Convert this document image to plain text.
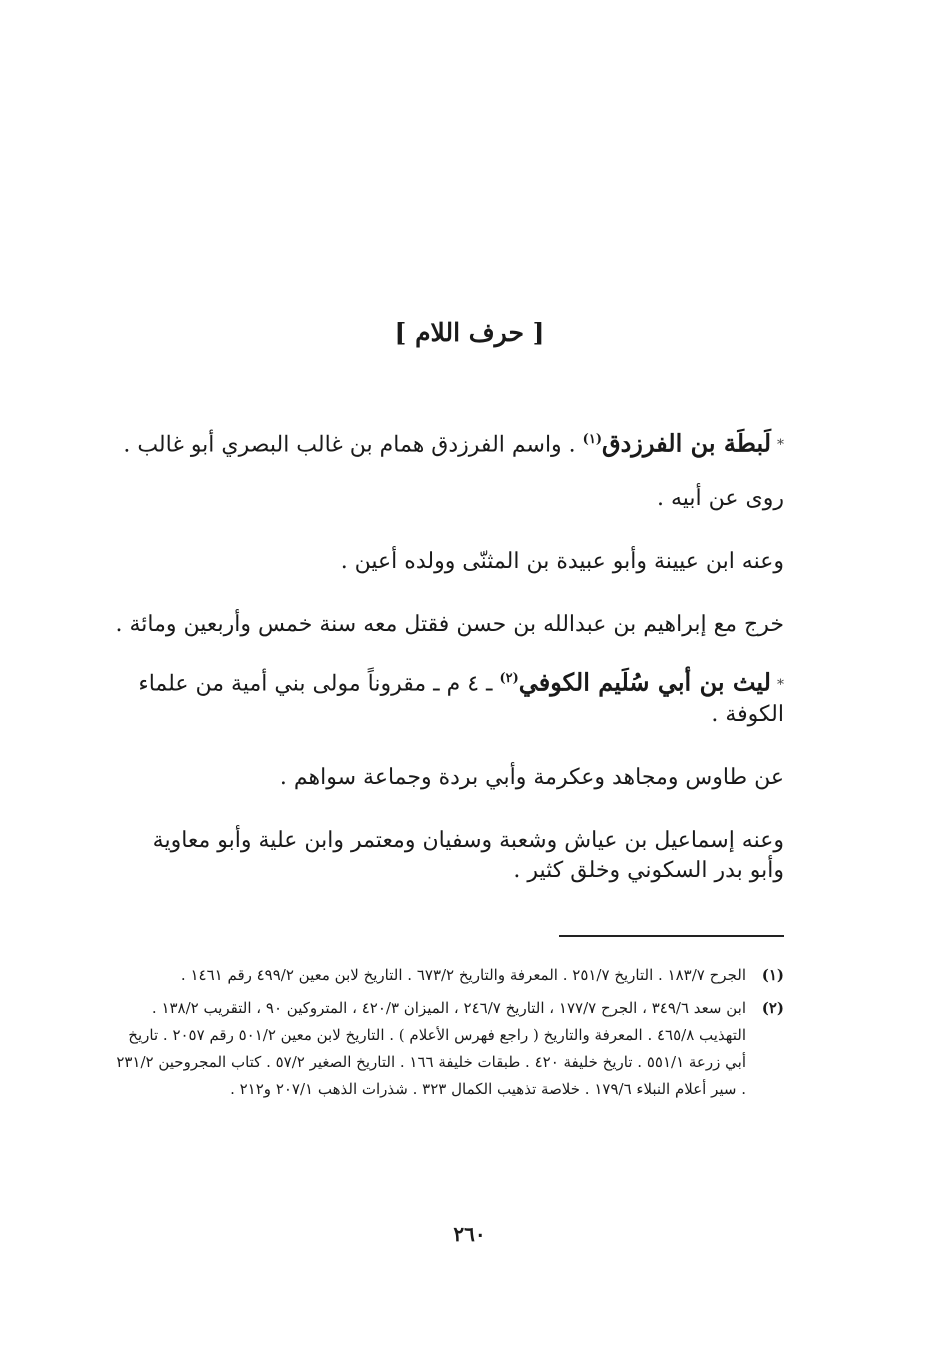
[ حرف اللام ]

*لَبطَة بن الفرزدق$^{(١)}$ . واسم الفرزدق همام بن غالب البصري أبو غالب .

روى عن أبيه .

وعنه ابن عيينة وأبو عبيدة بن المثنّى وولده أعين .

خرج مع إبراهيم بن عبدالله بن حسن فقتل معه سنة خمس وأربعين ومائة .

*ليث بن أبي سُلَيم الكوفي$^{(٢)}$ ـ ٤ م ـ مقروناً مولى بني أمية من علماء الكوفة .

عن طاوس ومجاهد وعكرمة وأبي بردة وجماعة سواهم .

وعنه إسماعيل بن عياش وشعبة وسفيان ومعتمر وابن علية وأبو معاوية وأبو بدر السكوني وخلق كثير .

(١)
الجرح ١٨٣/٧ . التاريخ ٢٥١/٧ . المعرفة والتاريخ ٦٧٣/٢ . التاريخ لابن معين ٤٩٩/٢ رقم ١٤٦١ .
(٢)
ابن سعد ٣٤٩/٦ ، الجرح ١٧٧/٧ ، التاريخ ٢٤٦/٧ ، الميزان ٤٢٠/٣ ، المتروكين ٩٠ ، التقريب ١٣٨/٢ . التهذيب ٤٦٥/٨ . المعرفة والتاريخ ( راجع فهرس الأعلام ) . التاريخ لابن معين ٥٠١/٢ رقم ٢٠٥٧ . تاريخ أبي زرعة ٥٥١/١ . تاريخ خليفة ٤٢٠ . طبقات خليفة ١٦٦ . التاريخ الصغير ٥٧/٢ . كتاب المجروحين ٢٣١/٢ . سير أعلام النبلاء ١٧٩/٦ . خلاصة تذهيب الكمال ٣٢٣ . شذرات الذهب ٢٠٧/١ و٢١٢ .
٢٦٠
